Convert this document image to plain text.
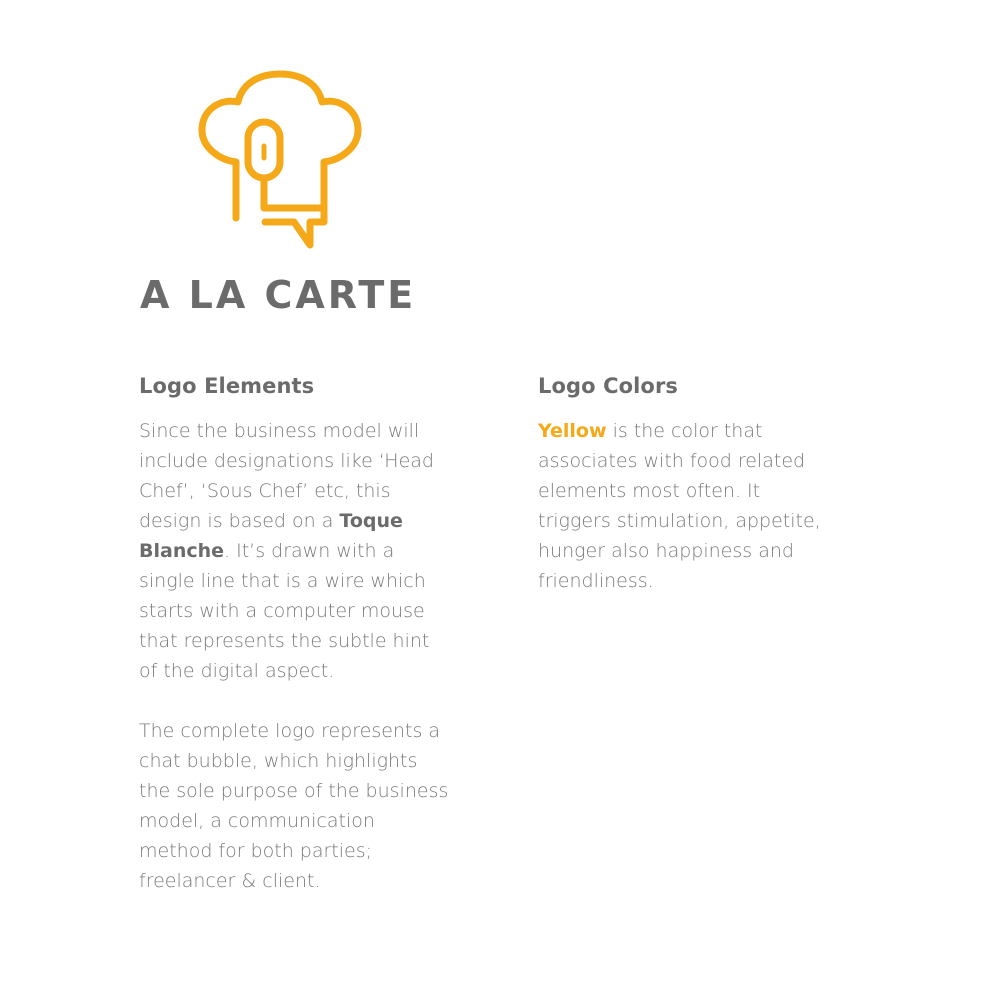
A LA CARTE
Logo Elements

Since the business model will
include designations like ‘Head
Chef’, ‘Sous Chef’ etc, this
design is based on a Toque
Blanche. It’s drawn with a
single line that is a wire which
starts with a computer mouse
that represents the subtle hint
of the digital aspect.

The complete logo represents a
chat bubble, which highlights
the sole purpose of the business
model, a communication
method for both parties;
freelancer & client.

Logo Colors

Yellow is the color that
associates with food related
elements most often. It
triggers stimulation, appetite,
hunger also happiness and
friendliness.
